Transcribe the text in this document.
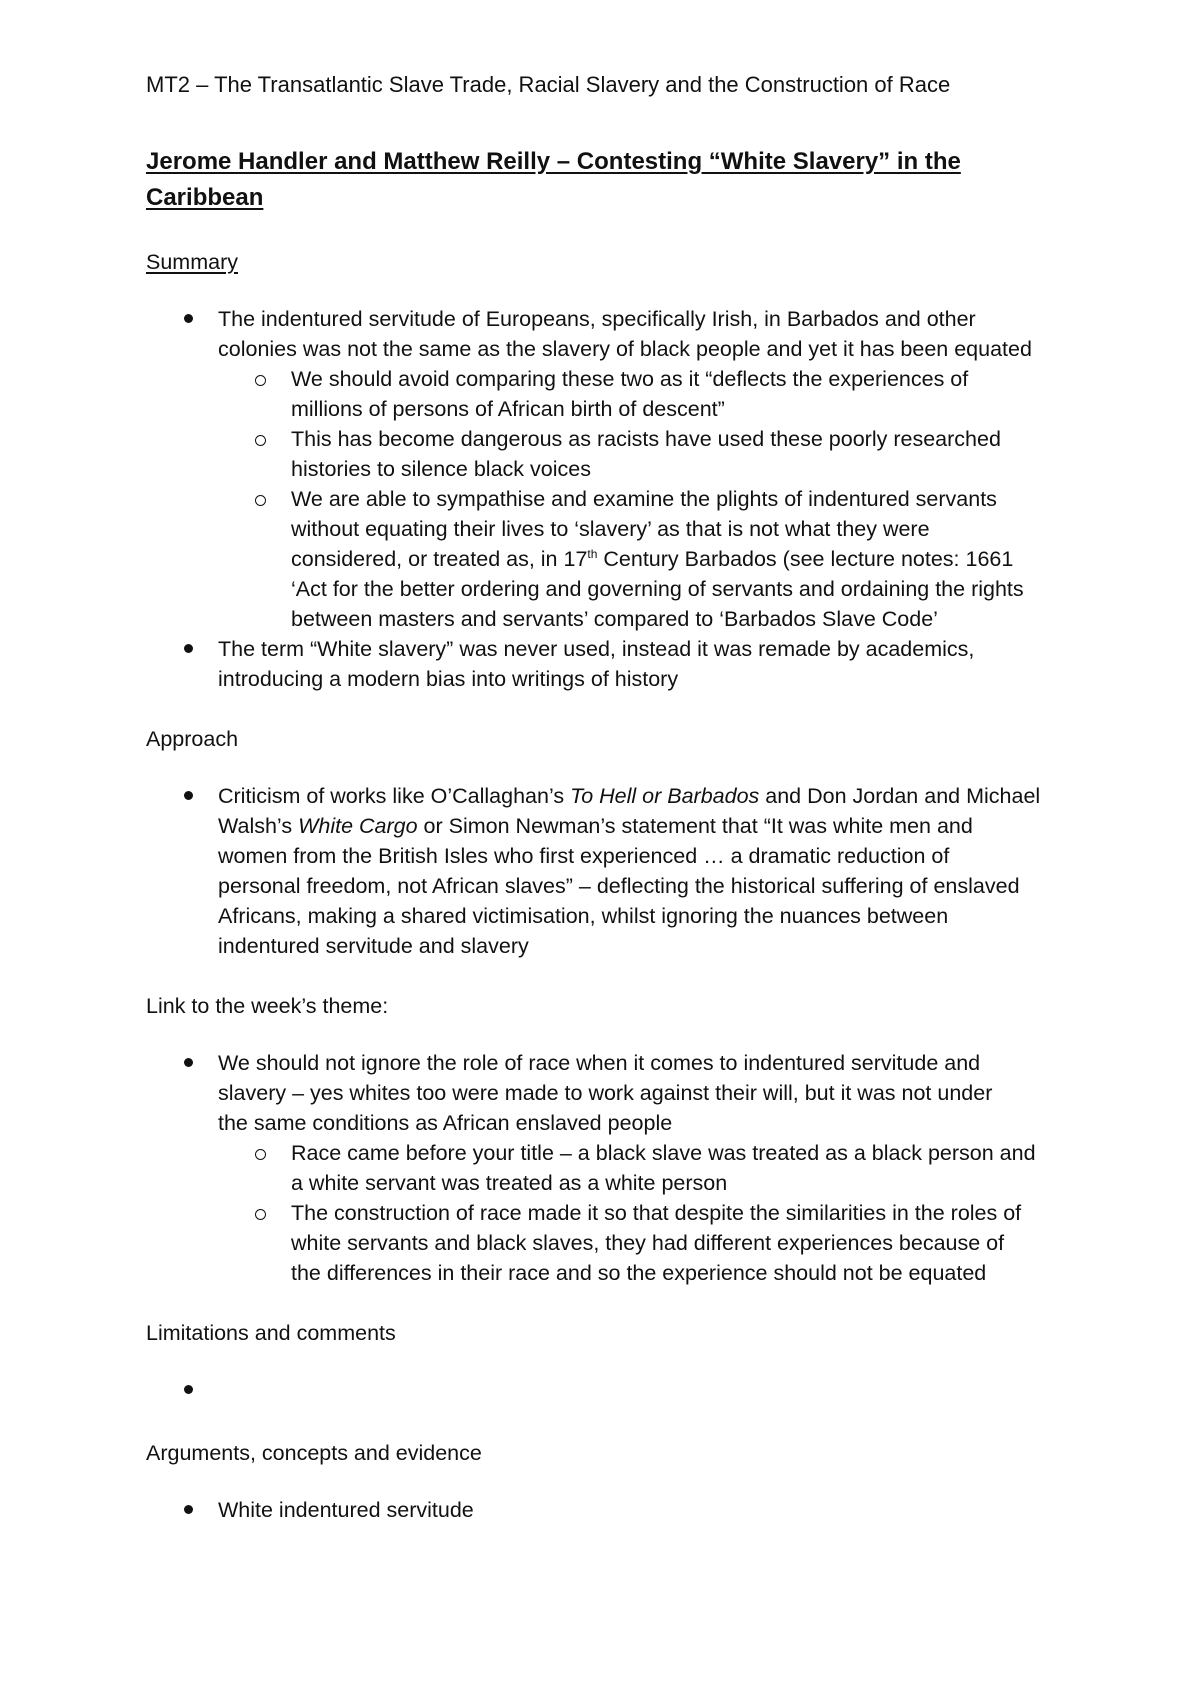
MT2 – The Transatlantic Slave Trade, Racial Slavery and the Construction of Race
Jerome Handler and Matthew Reilly – Contesting “White Slavery” in the
Caribbean
Summary
The indentured servitude of Europeans, specifically Irish, in Barbados and other
colonies was not the same as the slavery of black people and yet it has been equated
We should avoid comparing these two as it “deflects the experiences of
millions of persons of African birth of descent”
This has become dangerous as racists have used these poorly researched
histories to silence black voices
We are able to sympathise and examine the plights of indentured servants
without equating their lives to ‘slavery’ as that is not what they were
considered, or treated as, in 17th Century Barbados (see lecture notes: 1661
‘Act for the better ordering and governing of servants and ordaining the rights
between masters and servants’ compared to ‘Barbados Slave Code’
The term “White slavery” was never used, instead it was remade by academics,
introducing a modern bias into writings of history
Approach
Criticism of works like O’Callaghan’s To Hell or Barbados and Don Jordan and Michael
Walsh’s White Cargo or Simon Newman’s statement that “It was white men and
women from the British Isles who first experienced … a dramatic reduction of
personal freedom, not African slaves” – deflecting the historical suffering of enslaved
Africans, making a shared victimisation, whilst ignoring the nuances between
indentured servitude and slavery
Link to the week’s theme:
We should not ignore the role of race when it comes to indentured servitude and
slavery – yes whites too were made to work against their will, but it was not under
the same conditions as African enslaved people
Race came before your title – a black slave was treated as a black person and
a white servant was treated as a white person
The construction of race made it so that despite the similarities in the roles of
white servants and black slaves, they had different experiences because of
the differences in their race and so the experience should not be equated
Limitations and comments
Arguments, concepts and evidence
White indentured servitude
